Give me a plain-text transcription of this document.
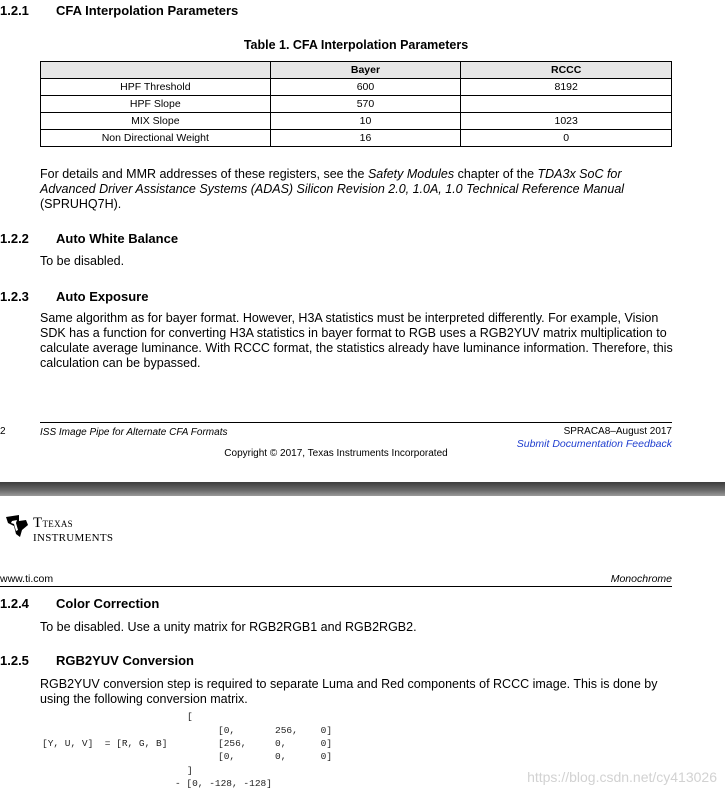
1.2.1 CFA Interpolation Parameters
Table 1. CFA Interpolation Parameters
	Bayer	RCCC
HPF Threshold	600	8192
HPF Slope	570	
MIX Slope	10	1023
Non Directional Weight	16	0
For details and MMR addresses of these registers, see the Safety Modules chapter of the TDA3x SoC for Advanced Driver Assistance Systems (ADAS) Silicon Revision 2.0, 1.0A, 1.0 Technical Reference Manual (SPRUHQ7H).
1.2.2 Auto White Balance
To be disabled.
1.2.3 Auto Exposure
Same algorithm as for bayer format. However, H3A statistics must be interpreted differently. For example, Vision SDK has a function for converting H3A statistics in bayer format to RGB uses a RGB2YUV matrix multiplication to calculate average luminance. With RCCC format, the statistics already have luminance information. Therefore, this calculation can be bypassed.
2	ISS Image Pipe for Alternate CFA Formats	SPRACA8–August 2017
Submit Documentation Feedback
Copyright © 2017, Texas Instruments Incorporated
Ttexas
instruments
www.ti.com	Monochrome
1.2.4 Color Correction
To be disabled. Use a unity matrix for RGB2RGB1 and RGB2RGB2.
1.2.5 RGB2YUV Conversion
RGB2YUV conversion step is required to separate Luma and Red components of RCCC image. This is done by using the following conversion matrix.
[
[0,       256,    0]
[Y, U, V]  = [R, G, B]	[256,     0,      0]
[0,       0,      0]
]
- [0, -128, -128]	https://blog.csdn.net/cy413026
